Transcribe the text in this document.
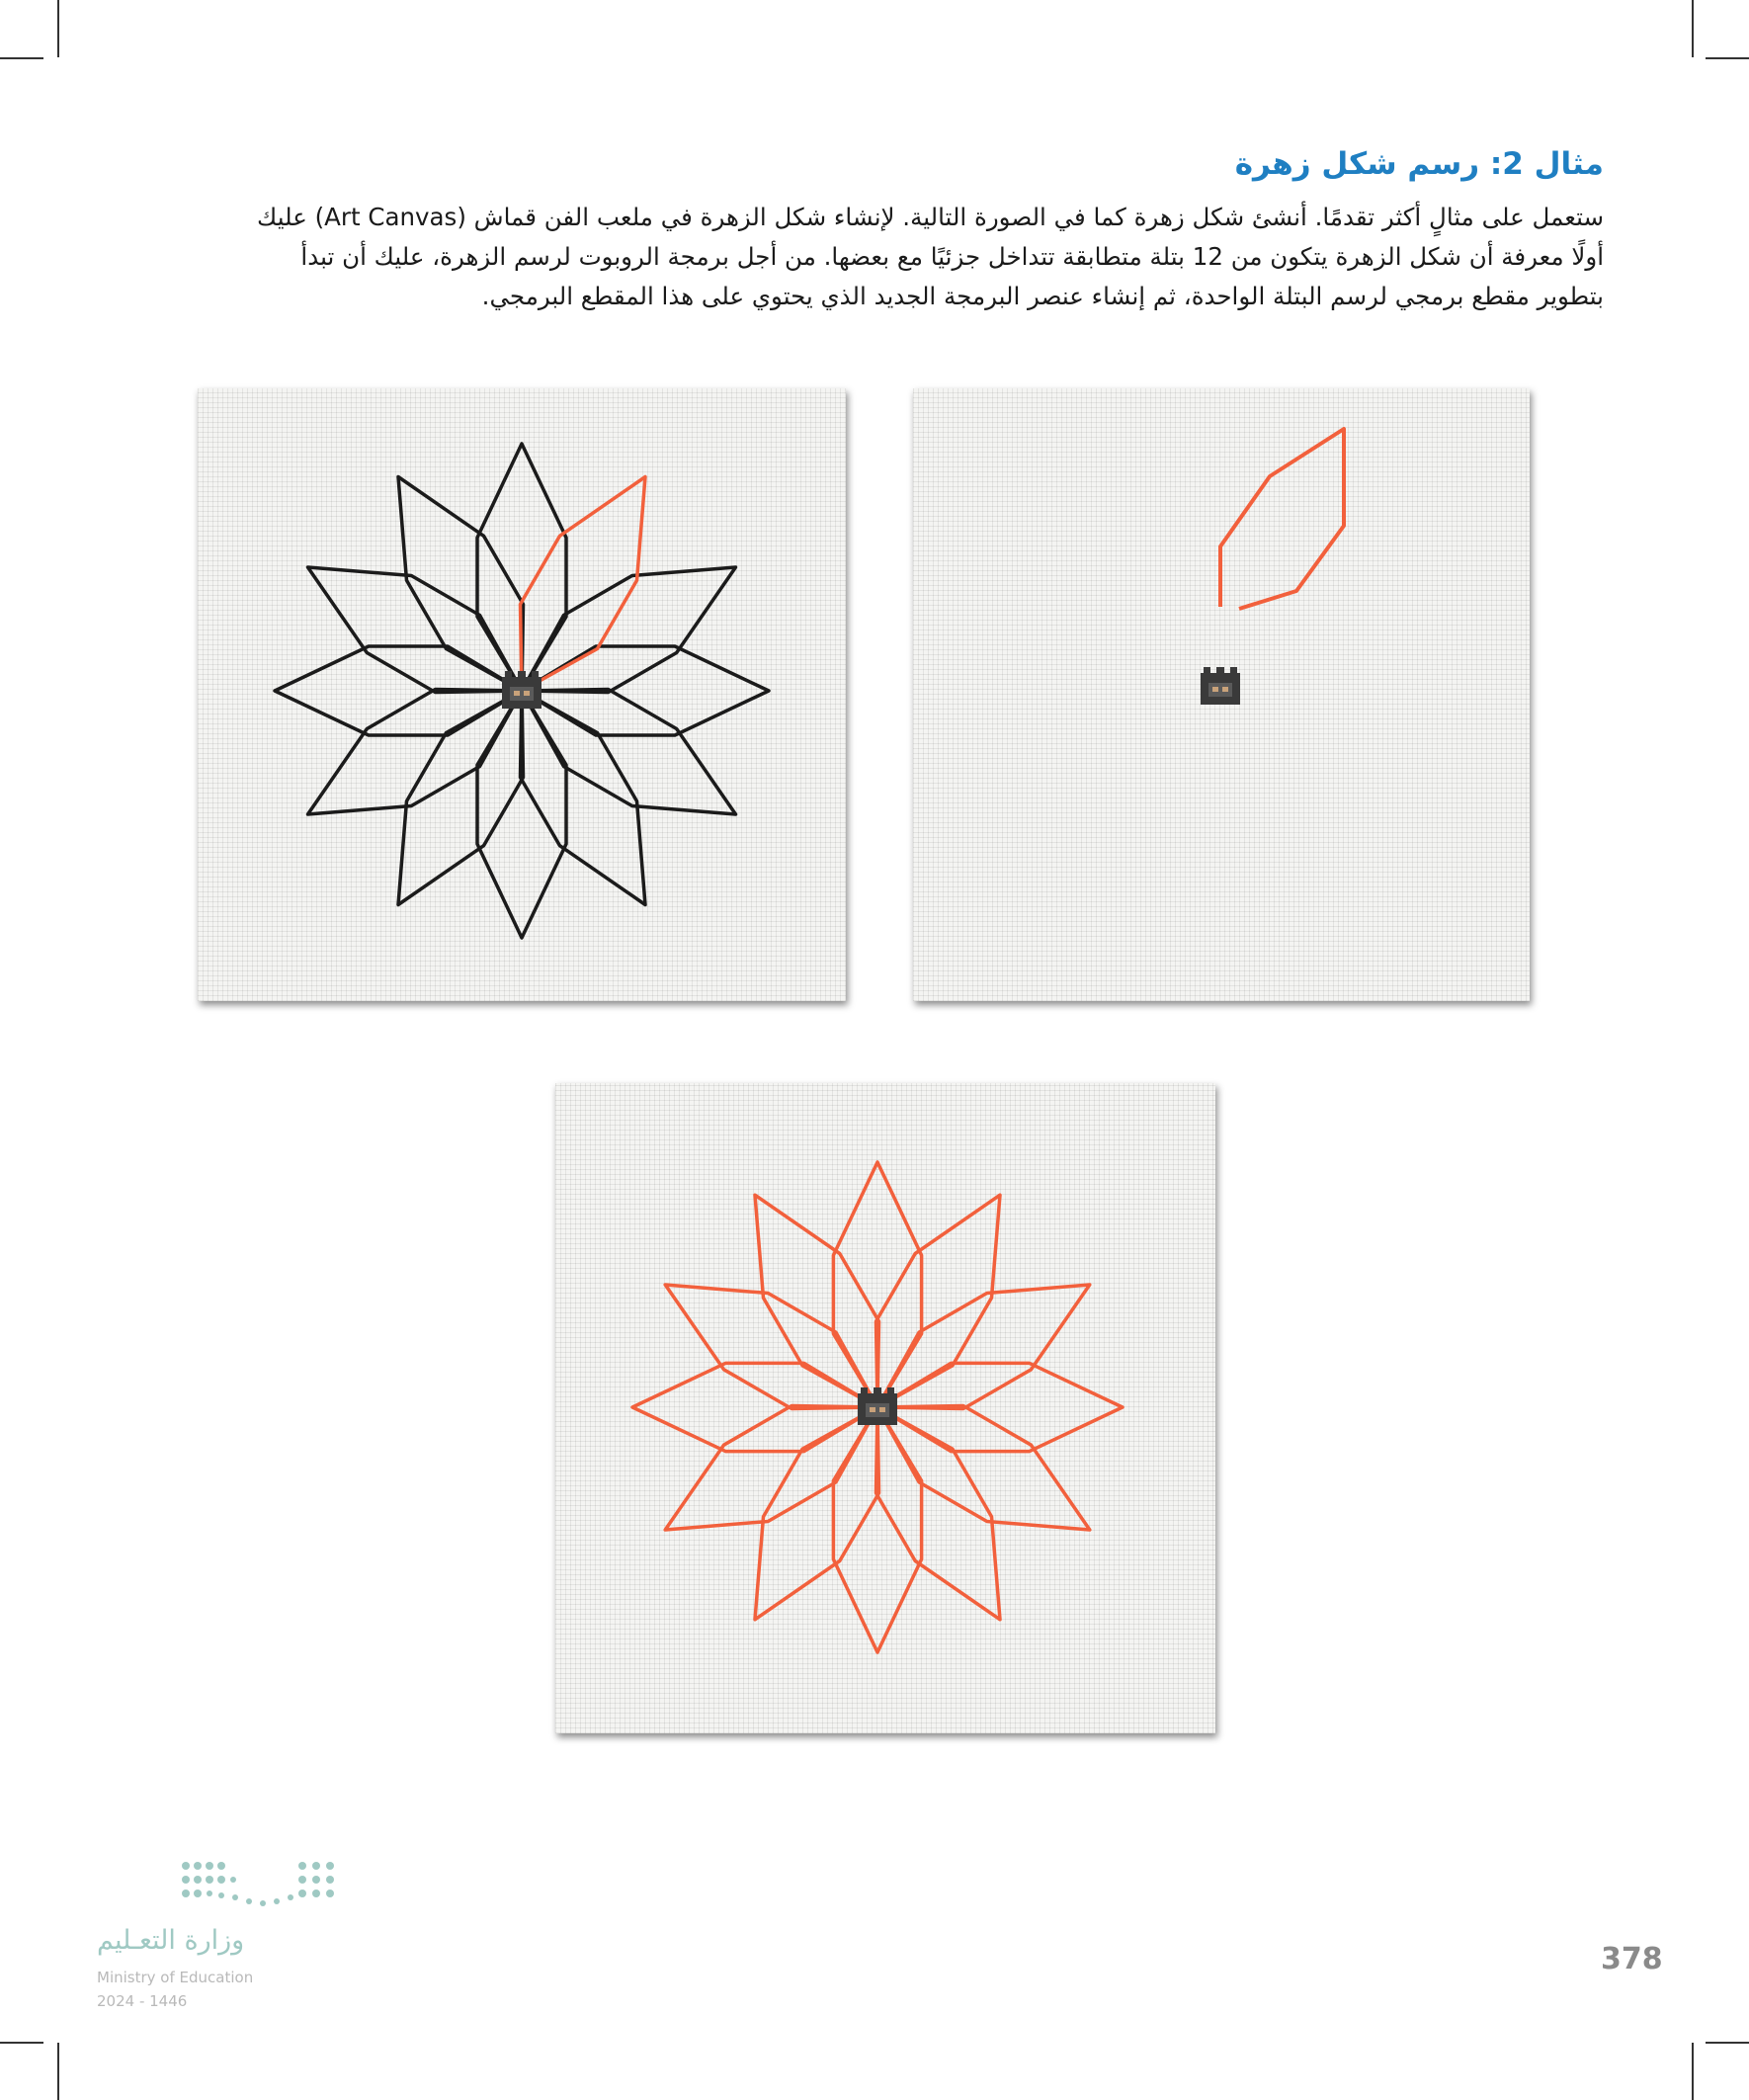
مثال 2: رسم شكل زهرة
ستعمل على مثالٍ أكثر تقدمًا. أنشئ شكل زهرة كما في الصورة التالية. لإنشاء شكل الزهرة في ملعب الفن قماش (Art Canvas) عليك
أولًا معرفة أن شكل الزهرة يتكون من 12 بتلة متطابقة تتداخل جزئيًا مع بعضها. من أجل برمجة الروبوت لرسم الزهرة، عليك أن تبدأ
بتطوير مقطع برمجي لرسم البتلة الواحدة، ثم إنشاء عنصر البرمجة الجديد الذي يحتوي على هذا المقطع البرمجي.
وزارة التعـليم
Ministry of Education
2024 - 1446
378
